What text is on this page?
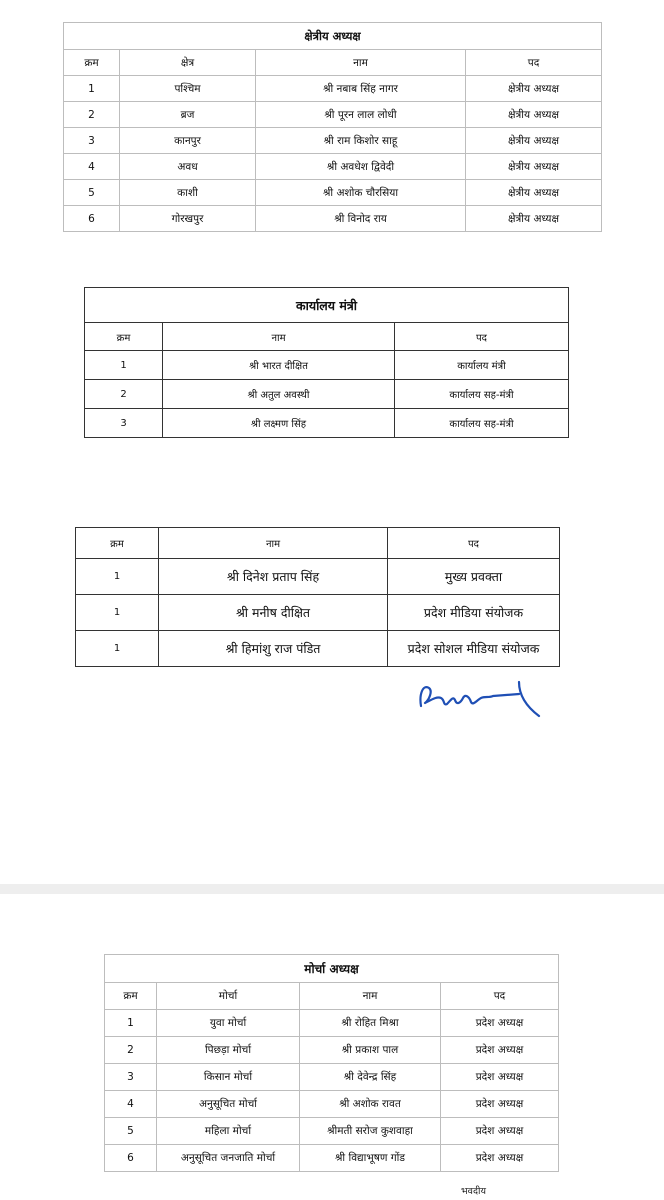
क्षेत्रीय अध्यक्ष			
क्रम	क्षेत्र	नाम	पद
1	पश्चिम	श्री नबाब सिंह नागर	क्षेत्रीय अध्यक्ष
2	ब्रज	श्री पूरन लाल लोधी	क्षेत्रीय अध्यक्ष
3	कानपुर	श्री राम किशोर साहू	क्षेत्रीय अध्यक्ष
4	अवध	श्री अवधेश द्विवेदी	क्षेत्रीय अध्यक्ष
5	काशी	श्री अशोक चौरसिया	क्षेत्रीय अध्यक्ष
6	गोरखपुर	श्री विनोद राय	क्षेत्रीय अध्यक्ष
कार्यालय मंत्री		
क्रम	नाम	पद
1	श्री भारत दीक्षित	कार्यालय मंत्री
2	श्री अतुल अवस्थी	कार्यालय सह-मंत्री
3	श्री लक्ष्मण सिंह	कार्यालय सह-मंत्री
क्रम	नाम	पद
1	श्री दिनेश प्रताप सिंह	मुख्य प्रवक्ता
1	श्री मनीष दीक्षित	प्रदेश मीडिया संयोजक
1	श्री हिमांशु राज पंडित	प्रदेश सोशल मीडिया संयोजक
मोर्चा अध्यक्ष			
क्रम	मोर्चा	नाम	पद
1	युवा मोर्चा	श्री रोहित मिश्रा	प्रदेश अध्यक्ष
2	पिछड़ा मोर्चा	श्री प्रकाश पाल	प्रदेश अध्यक्ष
3	किसान मोर्चा	श्री देवेन्द्र सिंह	प्रदेश अध्यक्ष
4	अनुसूचित मोर्चा	श्री अशोक रावत	प्रदेश अध्यक्ष
5	महिला मोर्चा	श्रीमती सरोज कुशवाहा	प्रदेश अध्यक्ष
6	अनुसूचित जनजाति मोर्चा	श्री विद्याभूषण गोंड	प्रदेश अध्यक्ष
भवदीय
